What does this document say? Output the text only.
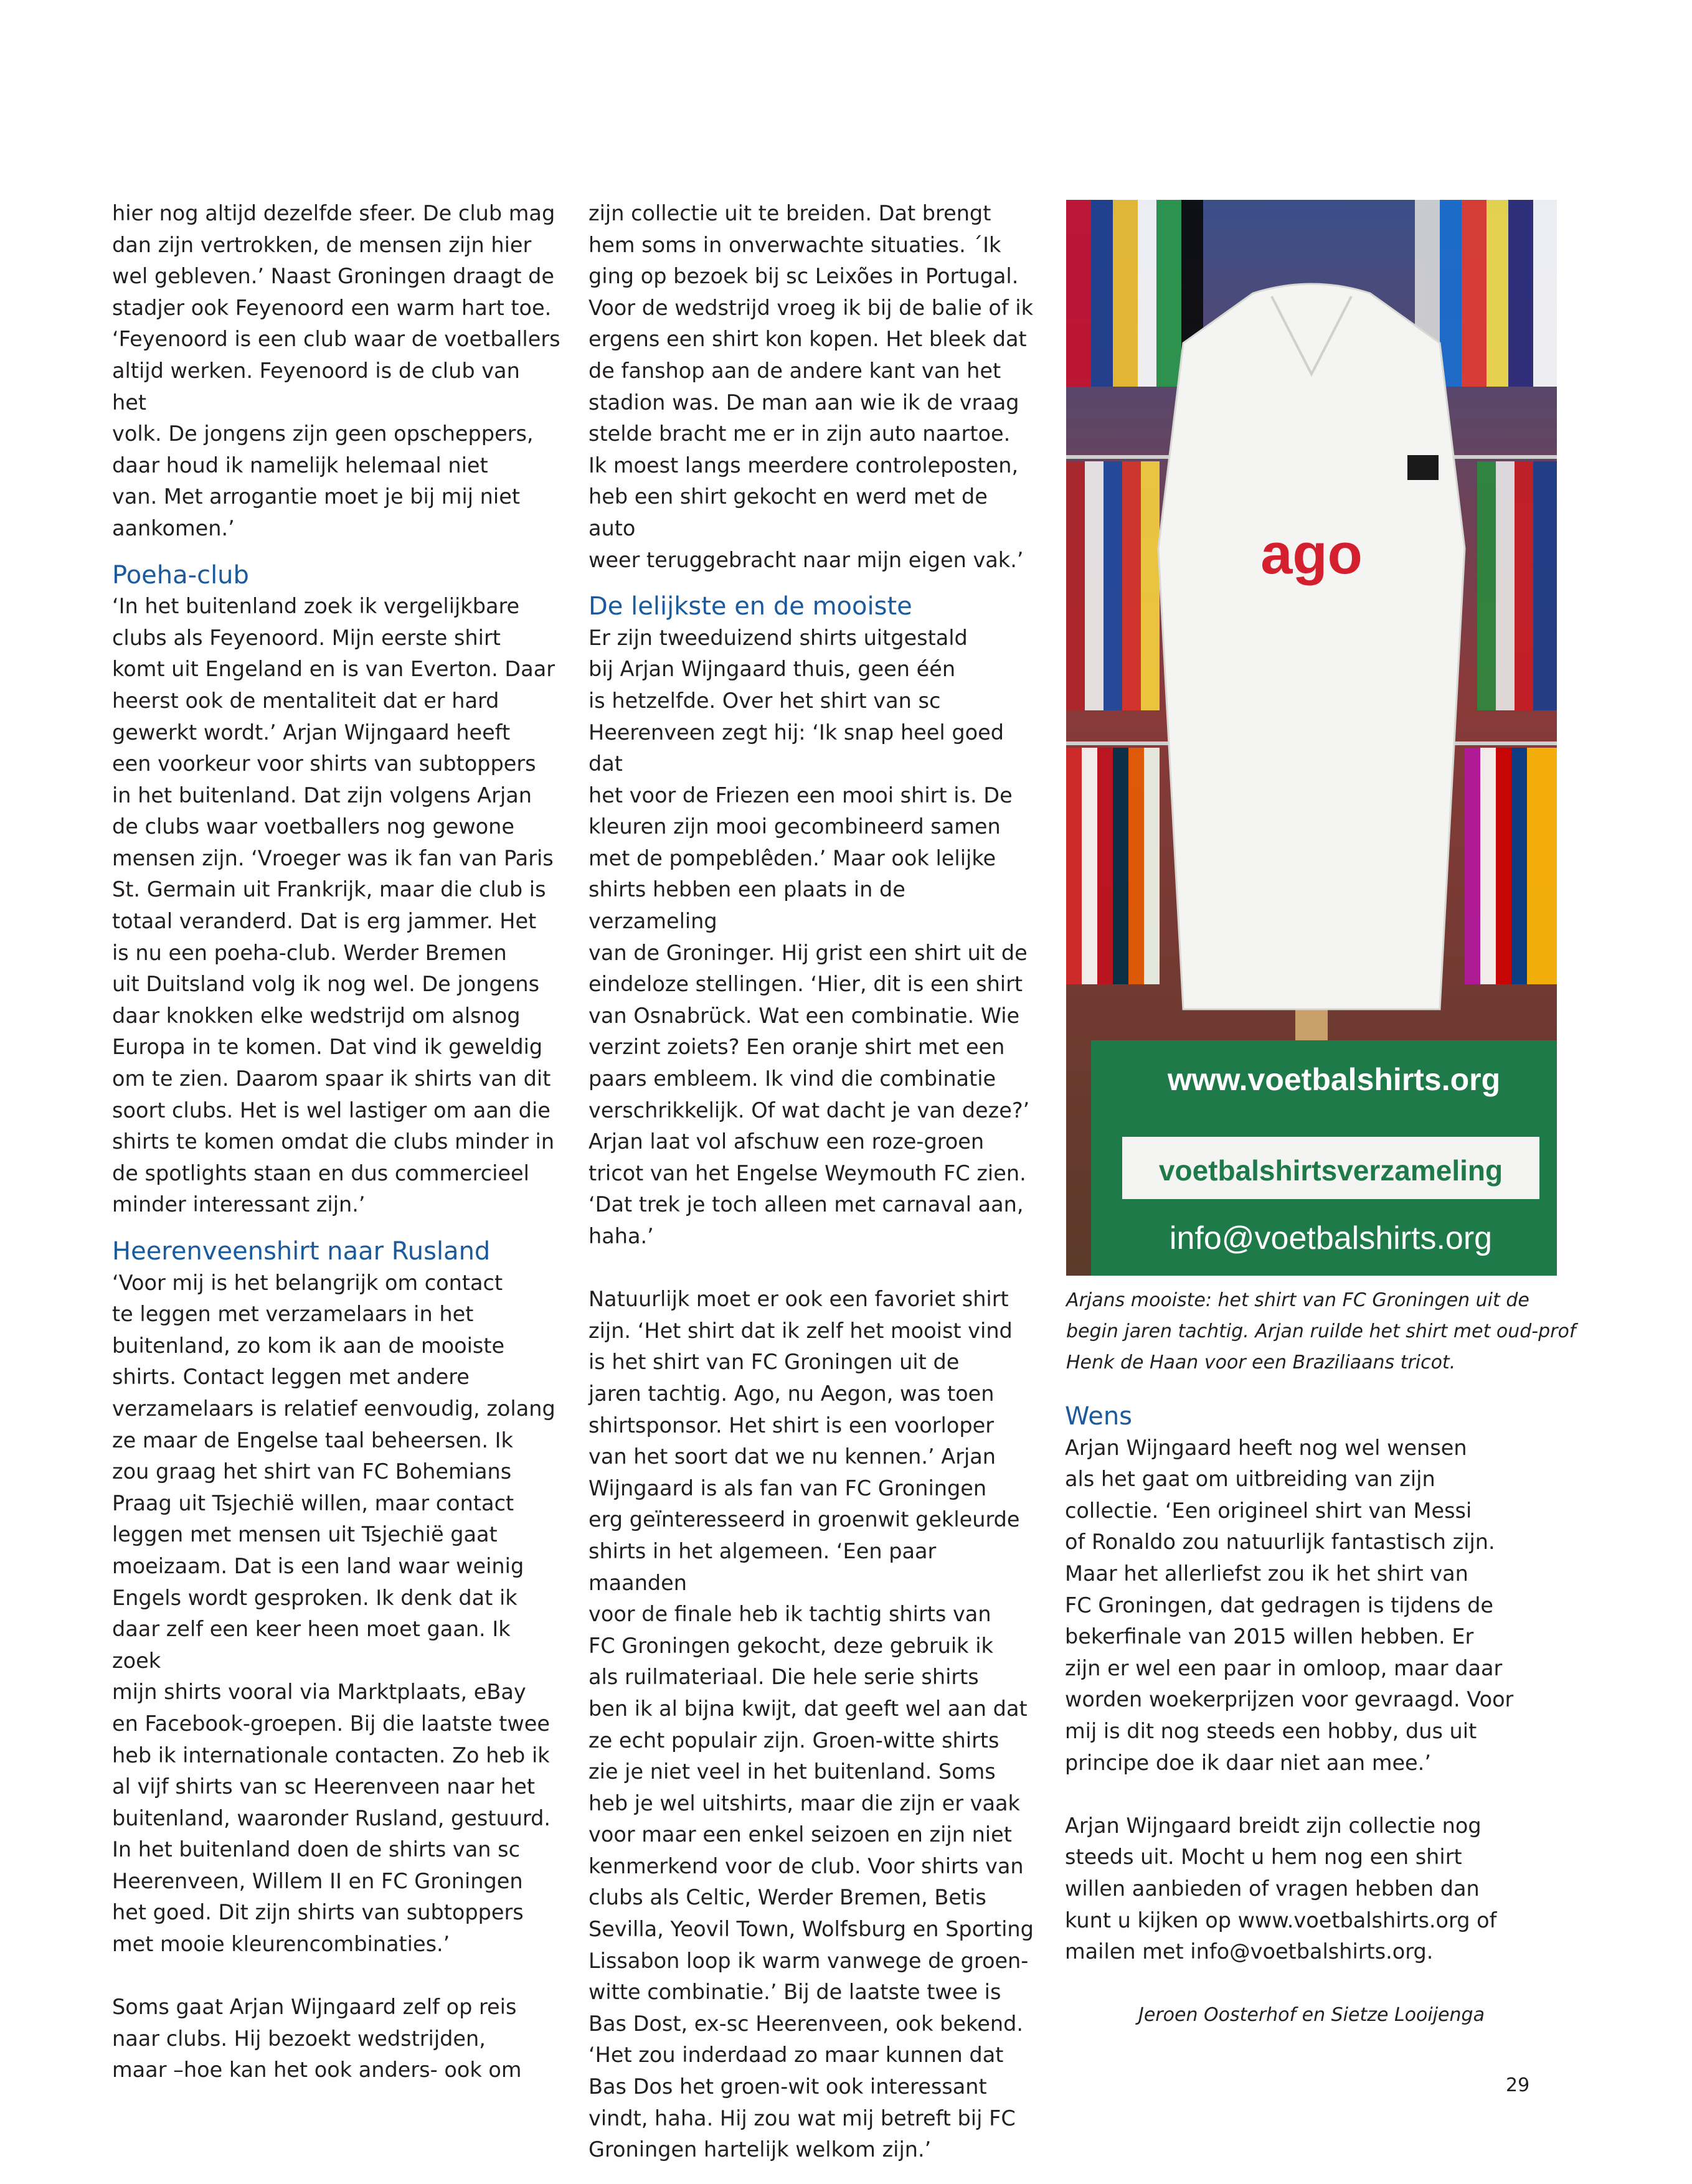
hier nog altijd dezelfde sfeer. De club mag
dan zijn vertrokken, de mensen zijn hier
wel gebleven.’ Naast Groningen draagt de
stadjer ook Feyenoord een warm hart toe.
‘Feyenoord is een club waar de voetballers
altijd werken. Feyenoord is de club van het
volk. De jongens zijn geen opscheppers,
daar houd ik namelijk helemaal niet
van. Met arrogantie moet je bij mij niet
aankomen.’

Poeha-club

‘In het buitenland zoek ik vergelijkbare
clubs als Feyenoord. Mijn eerste shirt
komt uit Engeland en is van Everton. Daar
heerst ook de mentaliteit dat er hard
gewerkt wordt.’ Arjan Wijngaard heeft
een voorkeur voor shirts van subtoppers
in het buitenland. Dat zijn volgens Arjan
de clubs waar voetballers nog gewone
mensen zijn. ‘Vroeger was ik fan van Paris
St. Germain uit Frankrijk, maar die club is
totaal veranderd. Dat is erg jammer. Het
is nu een poeha-club. Werder Bremen
uit Duitsland volg ik nog wel. De jongens
daar knokken elke wedstrijd om alsnog
Europa in te komen. Dat vind ik geweldig
om te zien. Daarom spaar ik shirts van dit
soort clubs. Het is wel lastiger om aan die
shirts te komen omdat die clubs minder in
de spotlights staan en dus commercieel
minder interessant zijn.’

Heerenveenshirt naar Rusland

‘Voor mij is het belangrijk om contact
te leggen met verzamelaars in het
buitenland, zo kom ik aan de mooiste
shirts. Contact leggen met andere
verzamelaars is relatief eenvoudig, zolang
ze maar de Engelse taal beheersen. Ik
zou graag het shirt van FC Bohemians
Praag uit Tsjechië willen, maar contact
leggen met mensen uit Tsjechië gaat
moeizaam. Dat is een land waar weinig
Engels wordt gesproken. Ik denk dat ik
daar zelf een keer heen moet gaan. Ik zoek
mijn shirts vooral via Marktplaats, eBay
en Facebook-groepen. Bij die laatste twee
heb ik internationale contacten. Zo heb ik
al vijf shirts van sc Heerenveen naar het
buitenland, waaronder Rusland, gestuurd.
In het buitenland doen de shirts van sc
Heerenveen, Willem II en FC Groningen
het goed. Dit zijn shirts van subtoppers
met mooie kleurencombinaties.’

Soms gaat Arjan Wijngaard zelf op reis
naar clubs. Hij bezoekt wedstrijden,
maar –hoe kan het ook anders- ook om

zijn collectie uit te breiden. Dat brengt
hem soms in onverwachte situaties. ´Ik
ging op bezoek bij sc Leixões in Portugal.
Voor de wedstrijd vroeg ik bij de balie of ik
ergens een shirt kon kopen. Het bleek dat
de fanshop aan de andere kant van het
stadion was. De man aan wie ik de vraag
stelde bracht me er in zijn auto naartoe.
Ik moest langs meerdere controleposten,
heb een shirt gekocht en werd met de auto
weer teruggebracht naar mijn eigen vak.’

De lelijkste en de mooiste

Er zijn tweeduizend shirts uitgestald
bij Arjan Wijngaard thuis, geen één
is hetzelfde. Over het shirt van sc
Heerenveen zegt hij: ‘Ik snap heel goed dat
het voor de Friezen een mooi shirt is. De
kleuren zijn mooi gecombineerd samen
met de pompeblêden.’ Maar ook lelijke
shirts hebben een plaats in de verzameling
van de Groninger. Hij grist een shirt uit de
eindeloze stellingen. ‘Hier, dit is een shirt
van Osnabrück. Wat een combinatie. Wie
verzint zoiets? Een oranje shirt met een
paars embleem. Ik vind die combinatie
verschrikkelijk. Of wat dacht je van deze?’
Arjan laat vol afschuw een roze-groen
tricot van het Engelse Weymouth FC zien.
‘Dat trek je toch alleen met carnaval aan,
haha.’

Natuurlijk moet er ook een favoriet shirt
zijn. ‘Het shirt dat ik zelf het mooist vind
is het shirt van FC Groningen uit de
jaren tachtig. Ago, nu Aegon, was toen
shirtsponsor. Het shirt is een voorloper
van het soort dat we nu kennen.’ Arjan
Wijngaard is als fan van FC Groningen
erg geïnteresseerd in groenwit gekleurde
shirts in het algemeen. ‘Een paar maanden
voor de finale heb ik tachtig shirts van
FC Groningen gekocht, deze gebruik ik
als ruilmateriaal. Die hele serie shirts
ben ik al bijna kwijt, dat geeft wel aan dat
ze echt populair zijn. Groen-witte shirts
zie je niet veel in het buitenland. Soms
heb je wel uitshirts, maar die zijn er vaak
voor maar een enkel seizoen en zijn niet
kenmerkend voor de club. Voor shirts van
clubs als Celtic, Werder Bremen, Betis
Sevilla, Yeovil Town, Wolfsburg en Sporting
Lissabon loop ik warm vanwege de groen-
witte combinatie.’ Bij de laatste twee is
Bas Dost, ex-sc Heerenveen, ook bekend.
‘Het zou inderdaad zo maar kunnen dat
Bas Dos het groen-wit ook interessant
vindt, haha. Hij zou wat mij betreft bij FC
Groningen hartelijk welkom zijn.’

ago
www.voetbalshirts.org
voetbalshirtsverzameling
info@voetbalshirts.org

Arjans mooiste: het shirt van FC Groningen uit de
begin jaren tachtig. Arjan ruilde het shirt met oud-prof
Henk de Haan voor een Braziliaans tricot.

Wens

Arjan Wijngaard heeft nog wel wensen
als het gaat om uitbreiding van zijn
collectie. ‘Een origineel shirt van Messi
of Ronaldo zou natuurlijk fantastisch zijn.
Maar het allerliefst zou ik het shirt van
FC Groningen, dat gedragen is tijdens de
bekerfinale van 2015 willen hebben. Er
zijn er wel een paar in omloop, maar daar
worden woekerprijzen voor gevraagd. Voor
mij is dit nog steeds een hobby, dus uit
principe doe ik daar niet aan mee.’

Arjan Wijngaard breidt zijn collectie nog
steeds uit. Mocht u hem nog een shirt
willen aanbieden of vragen hebben dan
kunt u kijken op www.voetbalshirts.org of
mailen met info@voetbalshirts.org.

Jeroen Oosterhof en Sietze Looijenga
29
